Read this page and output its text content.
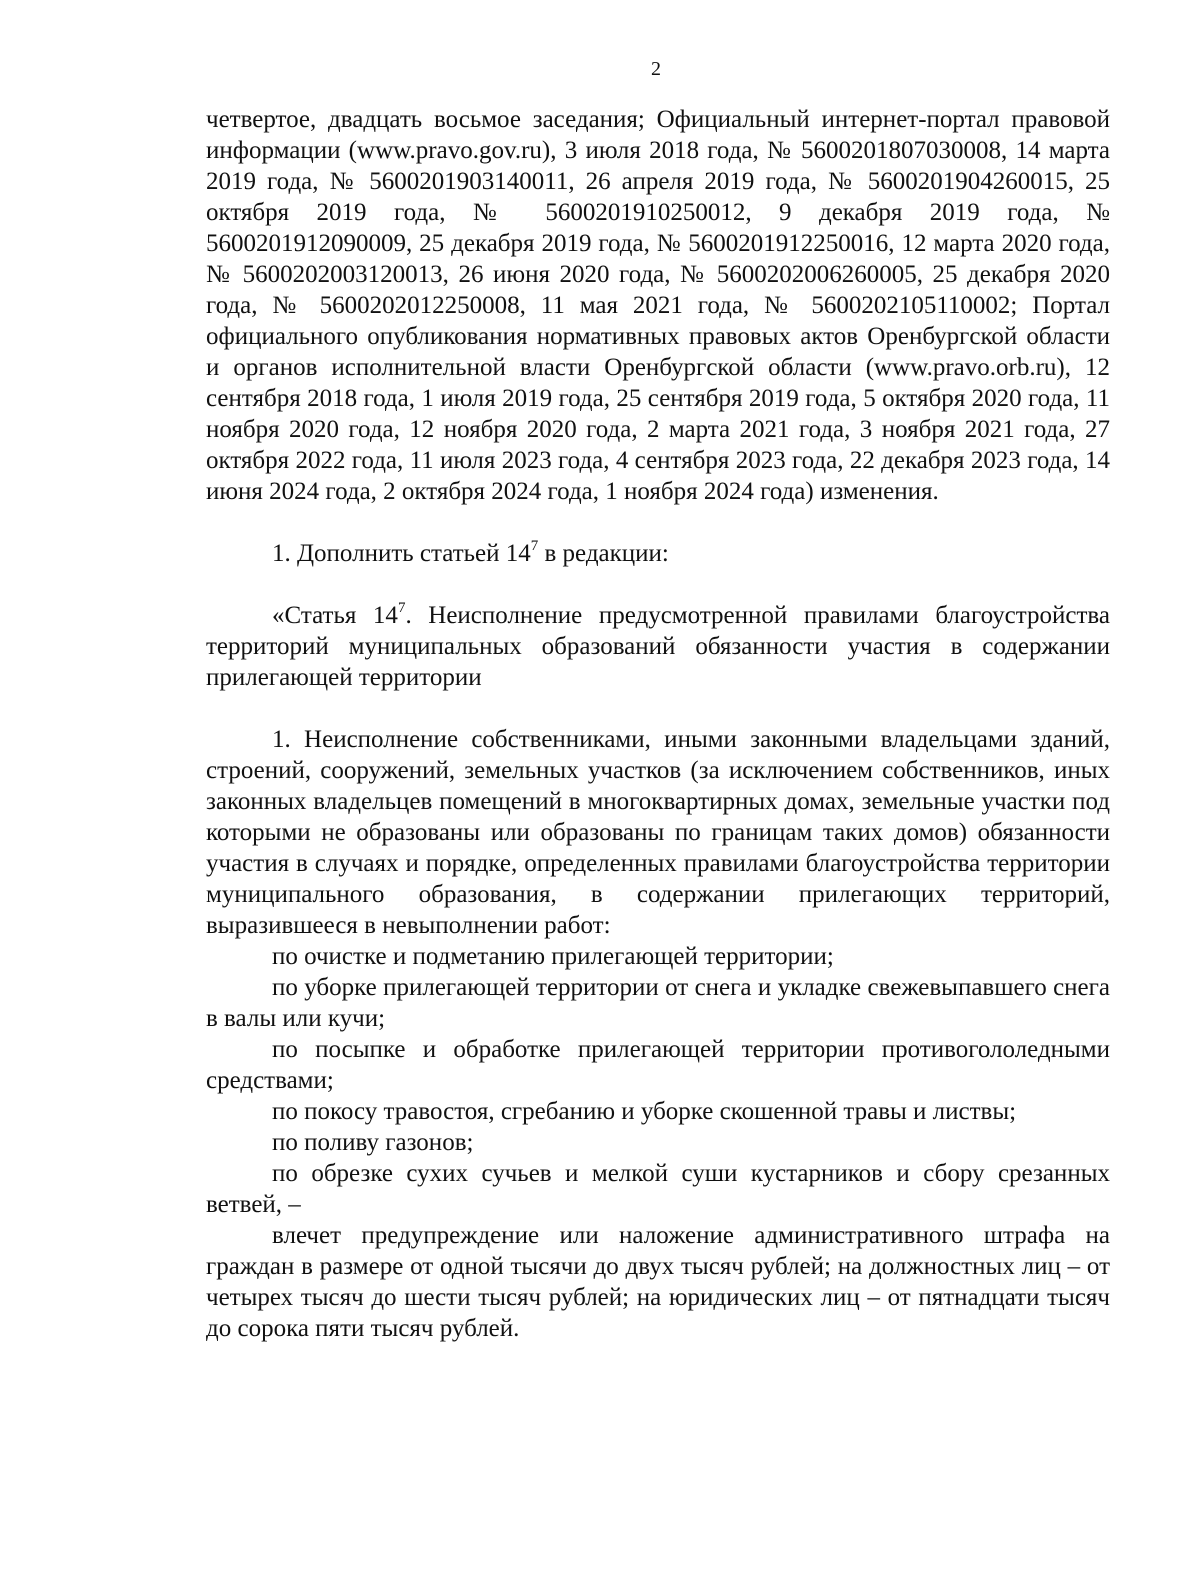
2

четвертое, двадцать восьмое заседания; Официальный интернет-портал правовой информации (www.pravo.gov.ru), 3 июля 2018 года, № 5600201807030008, 14 марта 2019 года, № 5600201903140011, 26 апреля 2019 года, № 5600201904260015, 25 октября 2019 года, № 5600201910250012, 9 декабря 2019 года, № 5600201912090009, 25 декабря 2019 года, № 5600201912250016, 12 марта 2020 года, № 5600202003120013, 26 июня 2020 года, № 5600202006260005, 25 декабря 2020 года, № 5600202012250008, 11 мая 2021 года, № 5600202105110002; Портал официального опубликования нормативных правовых актов Оренбургской области и органов исполнительной власти Оренбургской области (www.pravo.orb.ru), 12 сентября 2018 года, 1 июля 2019 года, 25 сентября 2019 года, 5 октября 2020 года, 11 ноября 2020 года, 12 ноября 2020 года, 2 марта 2021 года, 3 ноября 2021 года, 27 октября 2022 года, 11 июля 2023 года, 4 сентября 2023 года, 22 декабря 2023 года, 14 июня 2024 года, 2 октября 2024 года, 1 ноября 2024 года) изменения.

1. Дополнить статьей $14^7$ в редакции:

«Статья $14^7$. Неисполнение предусмотренной правилами благоустройства территорий муниципальных образований обязанности участия в содержании прилегающей территории

1. Неисполнение собственниками, иными законными владельцами зданий, строений, сооружений, земельных участков (за исключением собственников, иных законных владельцев помещений в многоквартирных домах, земельные участки под которыми не образованы или образованы по границам таких домов) обязанности участия в случаях и порядке, определенных правилами благоустройства территории муниципального образования, в содержании прилегающих территорий, выразившееся в невыполнении работ:

по очистке и подметанию прилегающей территории;

по уборке прилегающей территории от снега и укладке свежевыпавшего снега в валы или кучи;

по посыпке и обработке прилегающей территории противогололедными средствами;

по покосу травостоя, сгребанию и уборке скошенной травы и листвы;

по поливу газонов;

по обрезке сухих сучьев и мелкой суши кустарников и сбору срезанных ветвей, –

влечет предупреждение или наложение административного штрафа на граждан в размере от одной тысячи до двух тысяч рублей; на должностных лиц – от четырех тысяч до шести тысяч рублей; на юридических лиц – от пятнадцати тысяч до сорока пяти тысяч рублей.
